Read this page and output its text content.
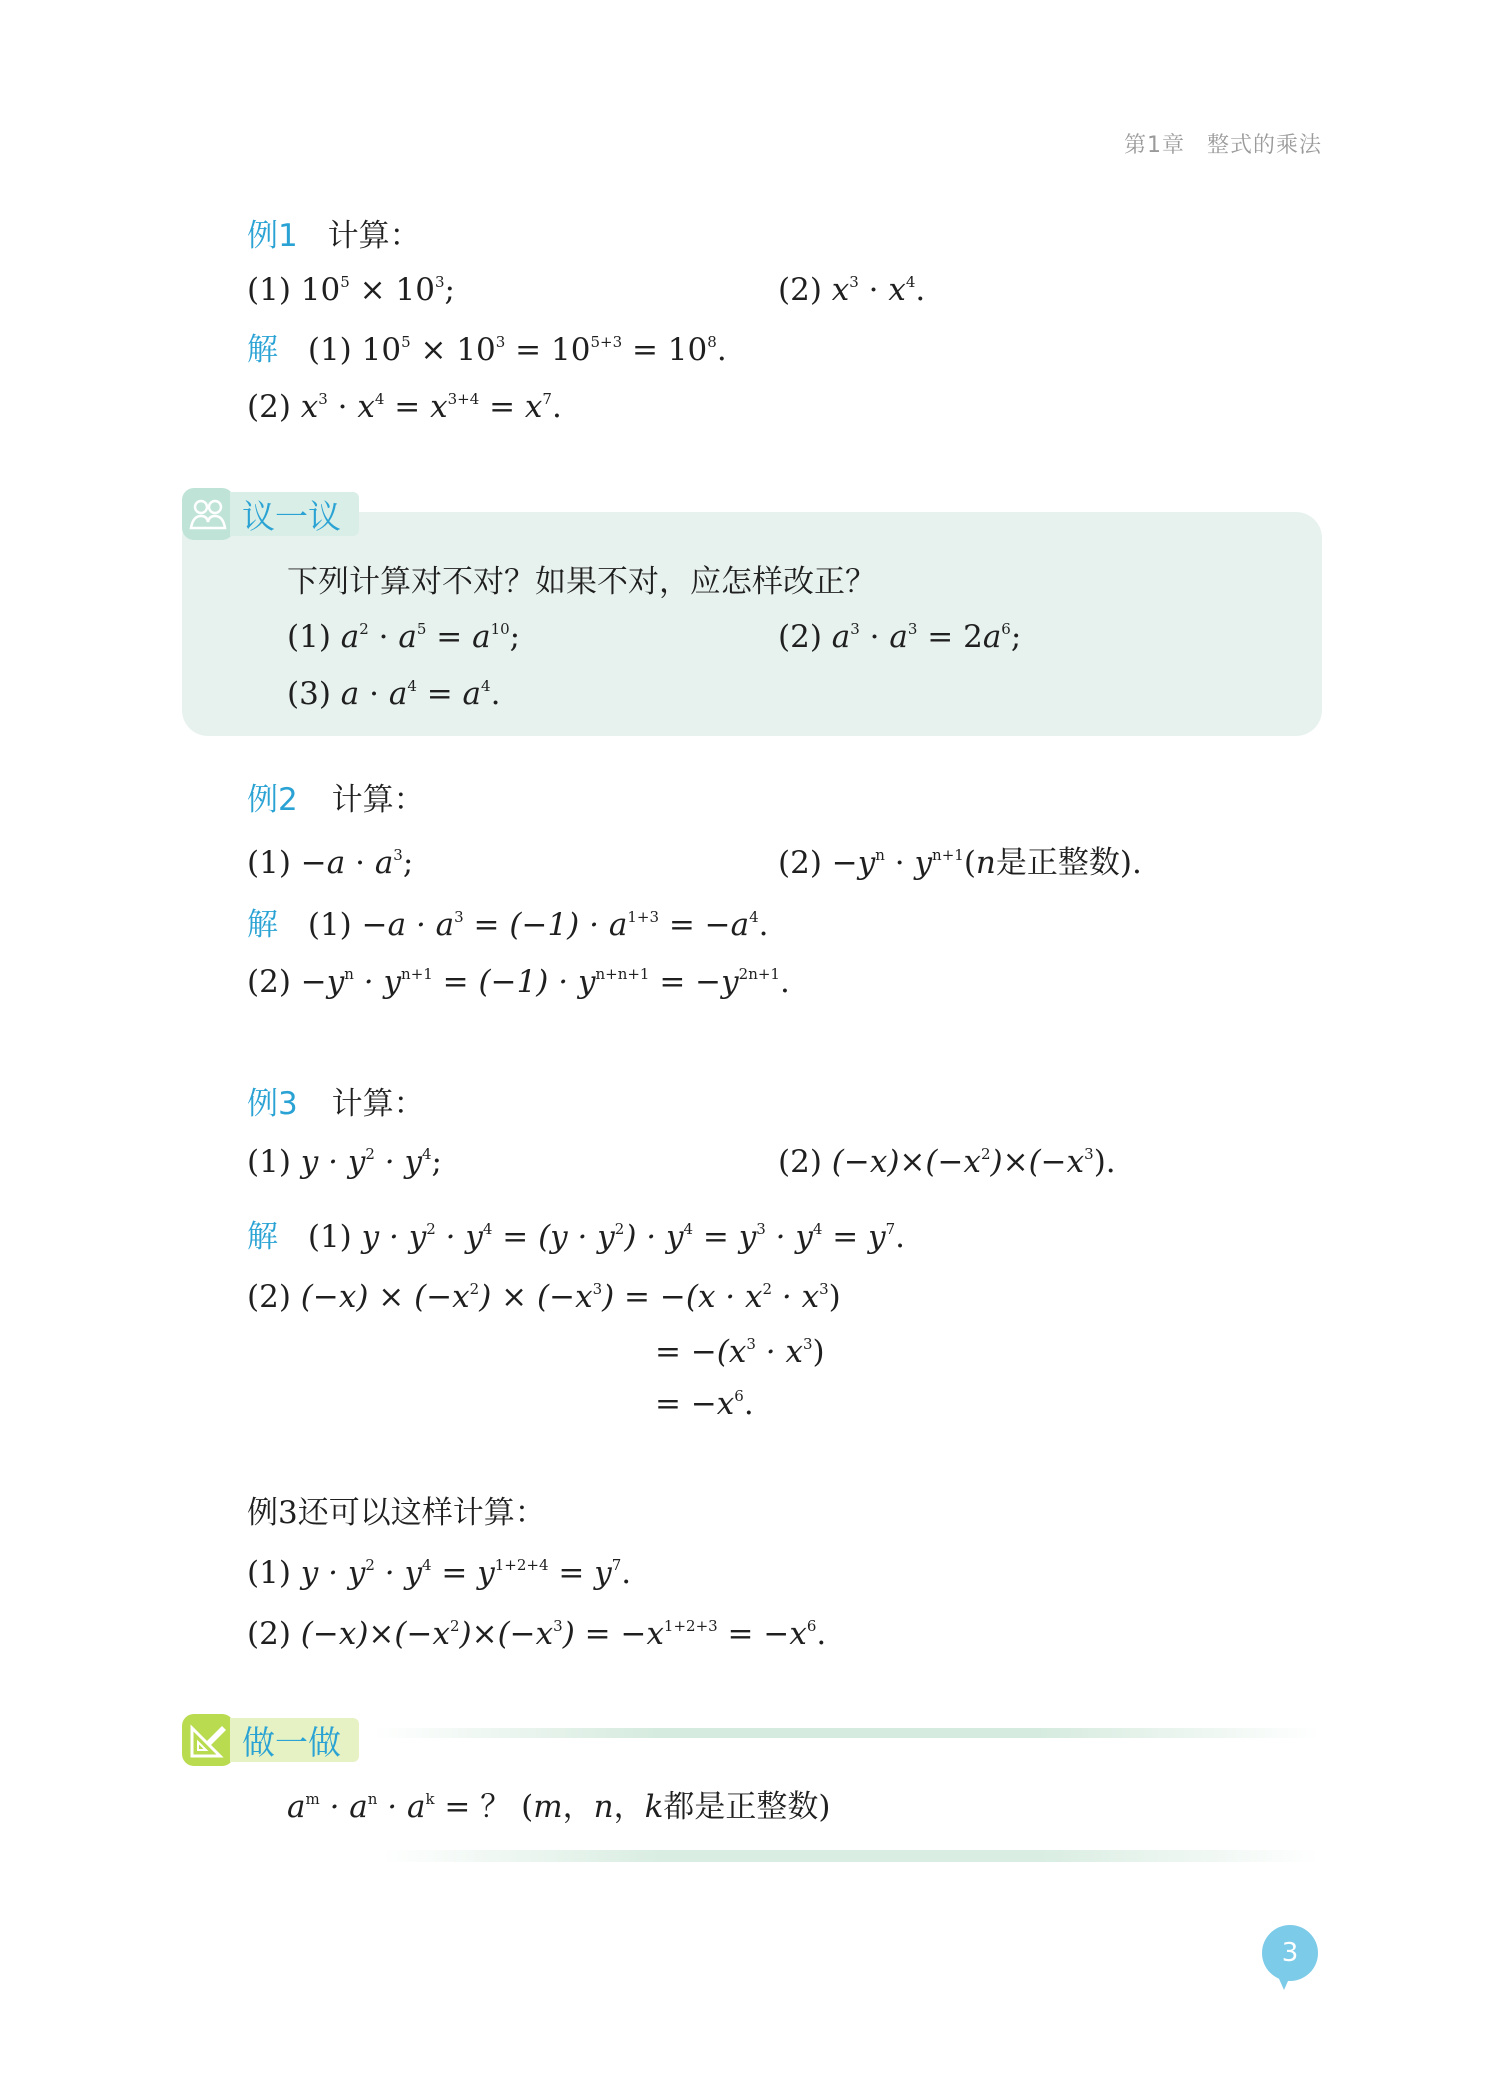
第1章 整式的乘法
例1 计算：
(1) $10^5 \times 10^3$;	(2) $x^3 \cdot x^4$.
解 (1) $10^5 \times 10^3 = 10^{5+3} = 10^8$.
(2) $x^3 \cdot x^4 = x^{3+4} = x^7$.
议一议
下列计算对不对？如果不对，应怎样改正？
(1) $a^2 \cdot a^5 = a^{10}$;	(2) $a^3 \cdot a^3 = 2a^6$;
(3) $a \cdot a^4 = a^4$.
例2 计算：
$(1) -a \cdot a^3$;	$(2) -y^n \cdot y^{n+1}(n$是正整数).
解 $(1) -a \cdot a^3 = (-1) \cdot a^{1+3} = -a^4$.
$(2) -y^n \cdot y^{n+1} = (-1) \cdot y^{n+n+1} = -y^{2n+1}$.
例3 计算：
(1) $y \cdot y^2 \cdot y^4$;	(2) $(-x)\times(-x^2)\times(-x^3)$.
解 (1) $y \cdot y^2 \cdot y^4 = (y \cdot y^2) \cdot y^4 = y^3 \cdot y^4 = y^7$.
(2) $(-x) \times (-x^2) \times (-x^3) = -(x \cdot x^2 \cdot x^3)$
= $-(x^3 \cdot x^3)$
= $-x^6$.
例3还可以这样计算：
(1) $y \cdot y^2 \cdot y^4 = y^{1+2+4} = y^7$.
(2) $(-x)\times(-x^2)\times(-x^3) = -x^{1+2+3} = -x^6$.
做一做
$a^m \cdot a^n \cdot a^k$ = ？ (m，n，k都是正整数)
3
